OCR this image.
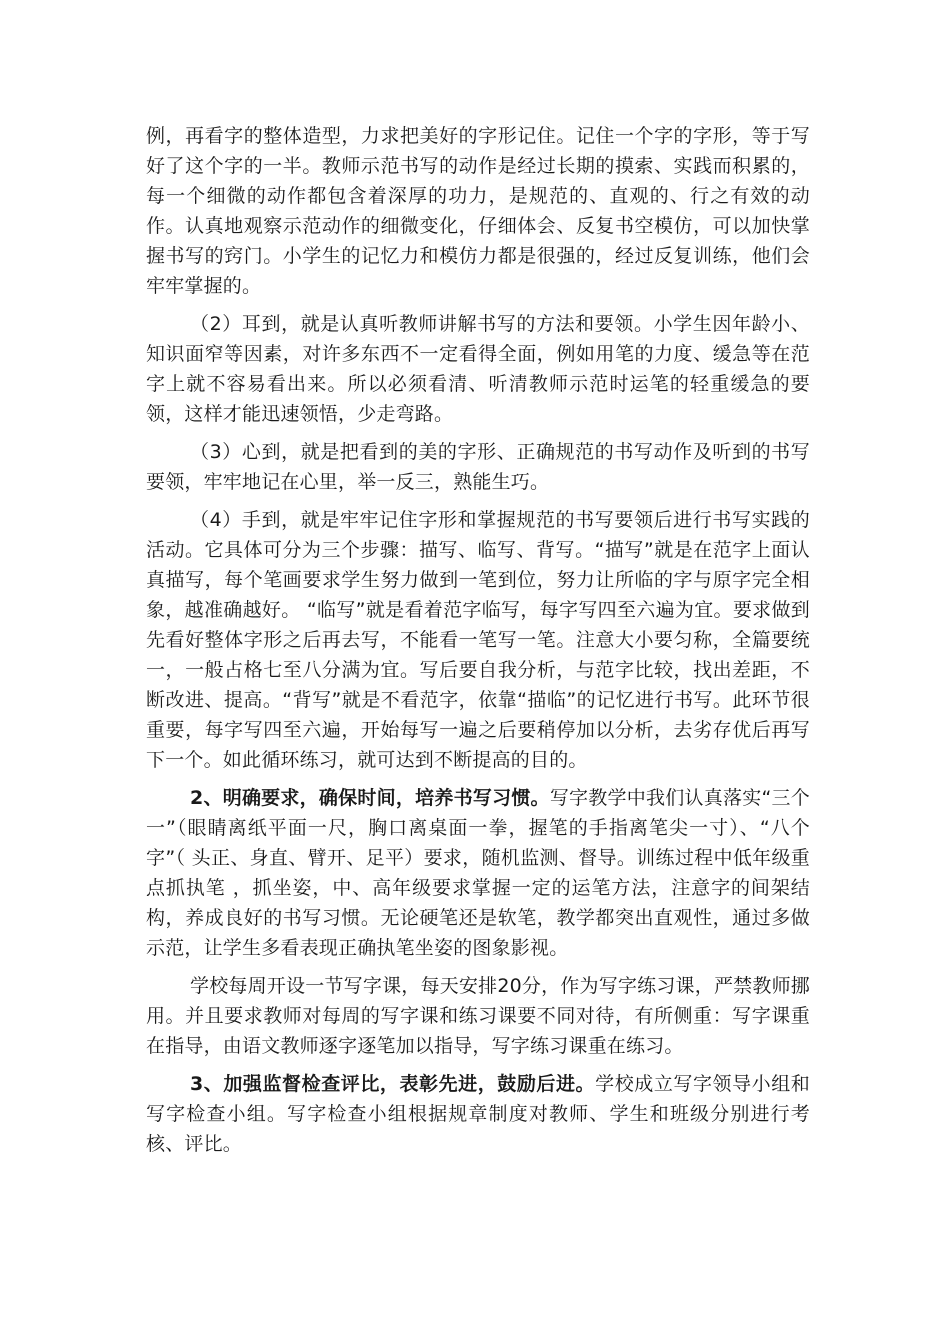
例，再看字的整体造型，力求把美好的字形记住。记住一个字的字形，等于写好了这个字的一半。教师示范书写的动作是经过长期的摸索、实践而积累的，每一个细微的动作都包含着深厚的功力，是规范的、直观的、行之有效的动作。认真地观察示范动作的细微变化，仔细体会、反复书空模仿，可以加快掌握书写的窍门。小学生的记忆力和模仿力都是很强的，经过反复训练，他们会牢牢掌握的。

（2）耳到，就是认真听教师讲解书写的方法和要领。小学生因年龄小、知识面窄等因素，对许多东西不一定看得全面，例如用笔的力度、缓急等在范字上就不容易看出来。所以必须看清、听清教师示范时运笔的轻重缓急的要领，这样才能迅速领悟，少走弯路。

（3）心到，就是把看到的美的字形、正确规范的书写动作及听到的书写要领，牢牢地记在心里，举一反三，熟能生巧。

（4）手到，就是牢牢记住字形和掌握规范的书写要领后进行书写实践的活动。它具体可分为三个步骤：描写、临写、背写。“描写”就是在范字上面认真描写，每个笔画要求学生努力做到一笔到位，努力让所临的字与原字完全相象，越准确越好。 “临写”就是看着范字临写，每字写四至六遍为宜。要求做到先看好整体字形之后再去写，不能看一笔写一笔。注意大小要匀称，全篇要统一，一般占格七至八分满为宜。写后要自我分析，与范字比较，找出差距，不断改进、提高。“背写”就是不看范字，依靠“描临”的记忆进行书写。此环节很重要，每字写四至六遍，开始每写一遍之后要稍停加以分析，去劣存优后再写下一个。如此循环练习，就可达到不断提高的目的。

2、明确要求，确保时间，培养书写习惯。写字教学中我们认真落实“三个一”（眼睛离纸平面一尺，胸口离桌面一拳，握笔的手指离笔尖一寸）、“八个字”（ 头正、身直、臂开、足平）要求，随机监测、督导。训练过程中低年级重点抓执笔 ，抓坐姿，中、高年级要求掌握一定的运笔方法，注意字的间架结构，养成良好的书写习惯。无论硬笔还是软笔，教学都突出直观性，通过多做示范，让学生多看表现正确执笔坐姿的图象影视。

学校每周开设一节写字课，每天安排20分，作为写字练习课，严禁教师挪用。并且要求教师对每周的写字课和练习课要不同对待，有所侧重：写字课重在指导，由语文教师逐字逐笔加以指导，写字练习课重在练习。

3、加强监督检查评比，表彰先进，鼓励后进。学校成立写字领导小组和写字检查小组。写字检查小组根据规章制度对教师、学生和班级分别进行考核、评比。
